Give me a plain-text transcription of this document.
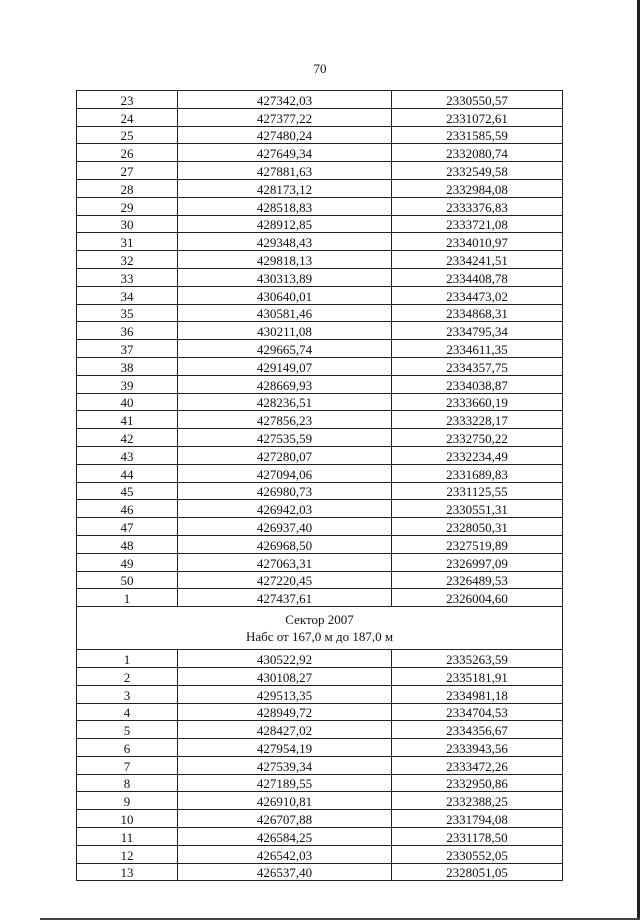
70
23	427342,03	2330550,57
24	427377,22	2331072,61
25	427480,24	2331585,59
26	427649,34	2332080,74
27	427881,63	2332549,58
28	428173,12	2332984,08
29	428518,83	2333376,83
30	428912,85	2333721,08
31	429348,43	2334010,97
32	429818,13	2334241,51
33	430313,89	2334408,78
34	430640,01	2334473,02
35	430581,46	2334868,31
36	430211,08	2334795,34
37	429665,74	2334611,35
38	429149,07	2334357,75
39	428669,93	2334038,87
40	428236,51	2333660,19
41	427856,23	2333228,17
42	427535,59	2332750,22
43	427280,07	2332234,49
44	427094,06	2331689,83
45	426980,73	2331125,55
46	426942,03	2330551,31
47	426937,40	2328050,31
48	426968,50	2327519,89
49	427063,31	2326997,09
50	427220,45	2326489,53
1	427437,61	2326004,60

Сектор 2007
Набс от 167,0 м до 187,0 м		

1	430522,92	2335263,59
2	430108,27	2335181,91
3	429513,35	2334981,18
4	428949,72	2334704,53
5	428427,02	2334356,67
6	427954,19	2333943,56
7	427539,34	2333472,26
8	427189,55	2332950,86
9	426910,81	2332388,25
10	426707,88	2331794,08
11	426584,25	2331178,50
12	426542,03	2330552,05
13	426537,40	2328051,05
